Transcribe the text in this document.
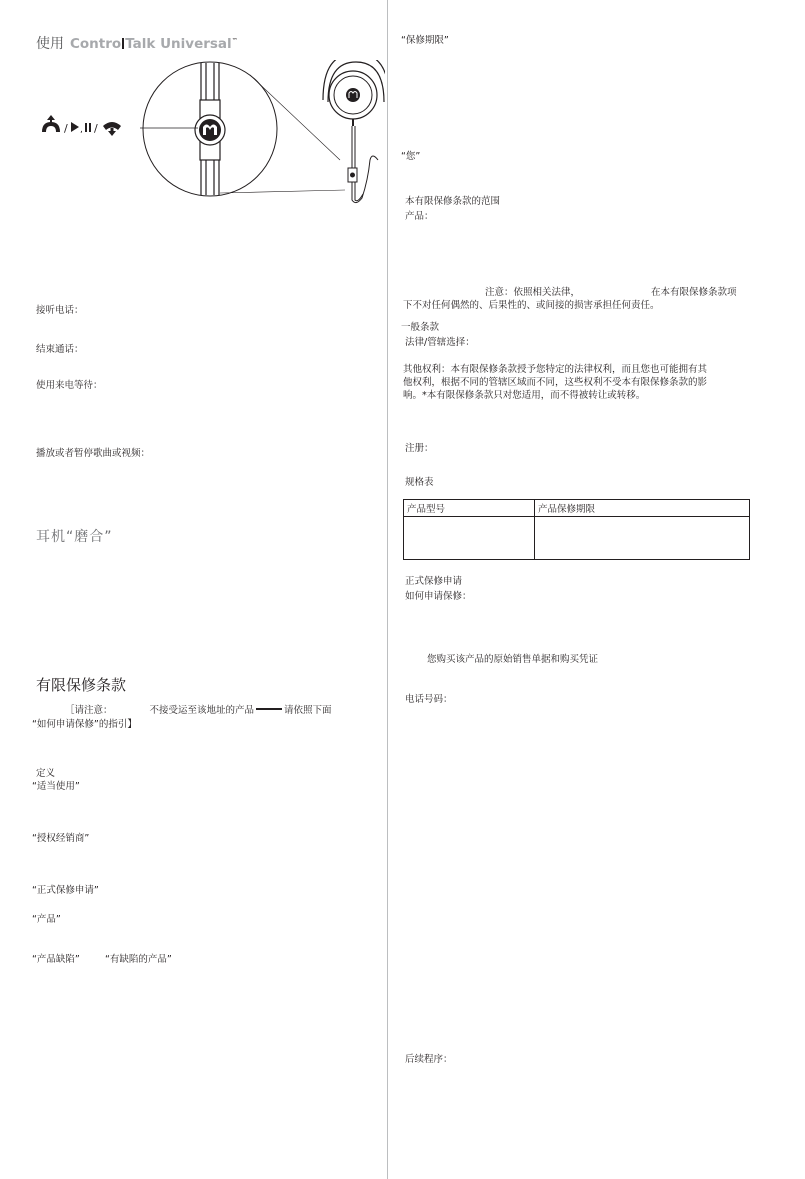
使用 Contro Talk Universal™
/ , /
接听电话：
结束通话：
使用来电等待：
播放或者暂停歌曲或视频：
耳机“磨合”
有限保修条款
［请注意：	不接受运至该地址的产品	请依照下面
“如何申请保修”的指引】
定义
“适当使用”
“授权经销商”
“正式保修申请”
“产品”
“产品缺陷”	“有缺陷的产品”
“保修期限”
“您”
本有限保修条款的范围
产品：
注意：依照相关法律，	在本有限保修条款项
下不对任何偶然的、后果性的、或间接的损害承担任何责任。
一般条款
法律/管辖选择：
其他权利：本有限保修条款授予您特定的法律权利，而且您也可能拥有其
他权利，根据不同的管辖区域而不同，这些权利不受本有限保修条款的影
响。*本有限保修条款只对您适用，而不得被转让或转移。
注册：
规格表
产品型号	产品保修期限

正式保修申请
如何申请保修：
您购买该产品的原始销售单据和购买凭证
电话号码：
后续程序：
